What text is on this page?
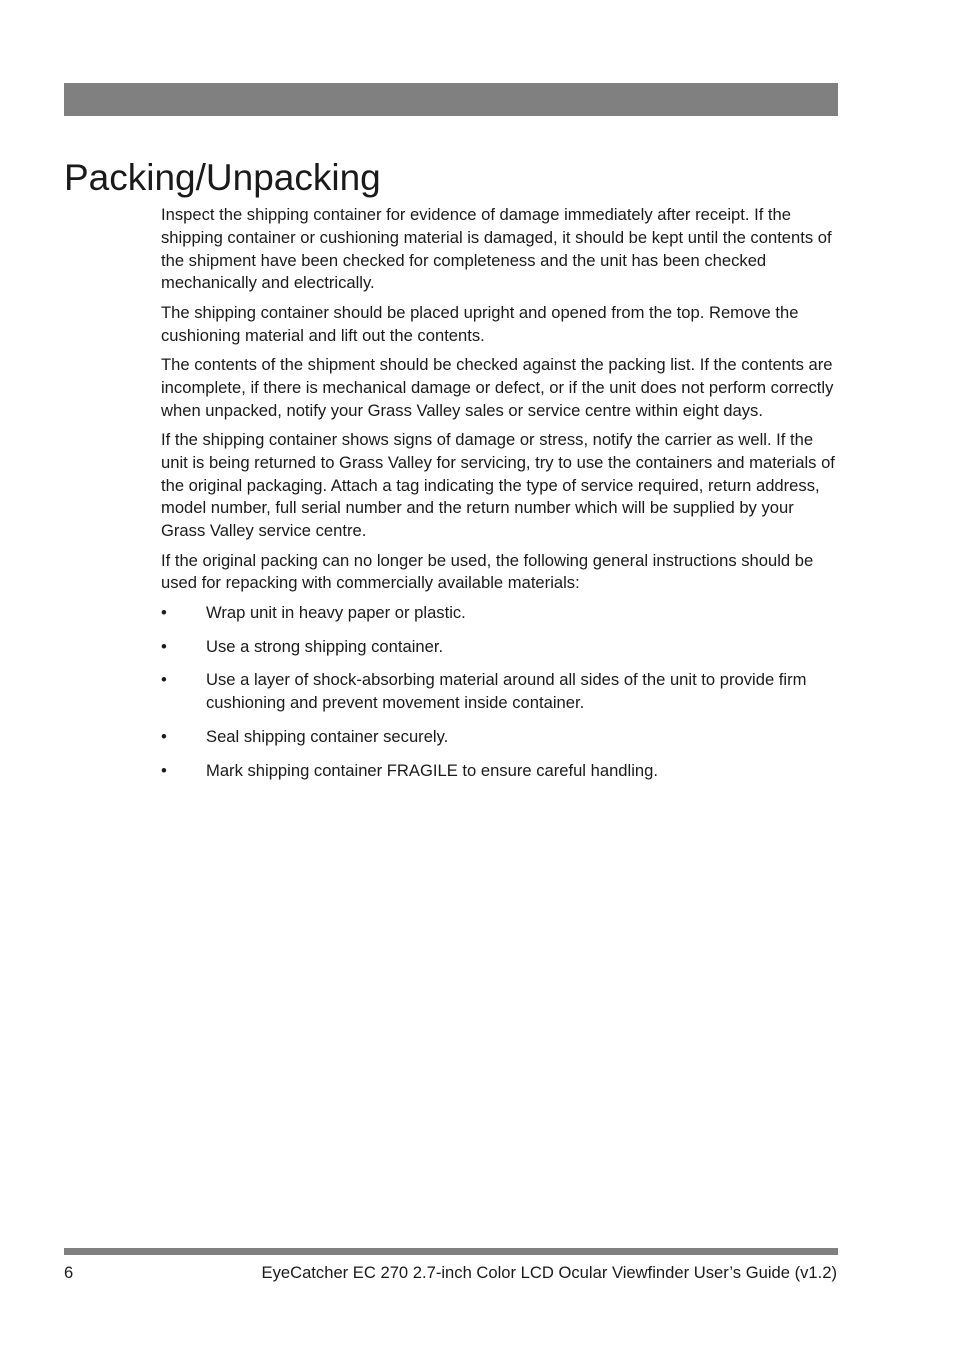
Packing/Unpacking

Inspect the shipping container for evidence of damage immediately after receipt. If the shipping container or cushioning material is damaged, it should be kept until the contents of the shipment have been checked for completeness and the unit has been checked mechanically and electrically.

The shipping container should be placed upright and opened from the top. Remove the cushioning material and lift out the contents.

The contents of the shipment should be checked against the packing list. If the contents are incomplete, if there is mechanical damage or defect, or if the unit does not perform correctly when unpacked, notify your Grass Valley sales or service centre within eight days.

If the shipping container shows signs of damage or stress, notify the carrier as well. If the unit is being returned to Grass Valley for servicing, try to use the containers and materials of the original packaging. Attach a tag indicating the type of service required, return address, model number, full serial number and the return number which will be supplied by your Grass Valley service centre.

If the original packing can no longer be used, the following general instructions should be used for repacking with commercially available materials:

• Wrap unit in heavy paper or plastic.
• Use a strong shipping container.
• Use a layer of shock-absorbing material around all sides of the unit to provide firm cushioning and prevent movement inside container.
• Seal shipping container securely.
• Mark shipping container FRAGILE to ensure careful handling.
6	EyeCatcher EC 270 2.7-inch Color LCD Ocular Viewfinder User’s Guide (v1.2)
